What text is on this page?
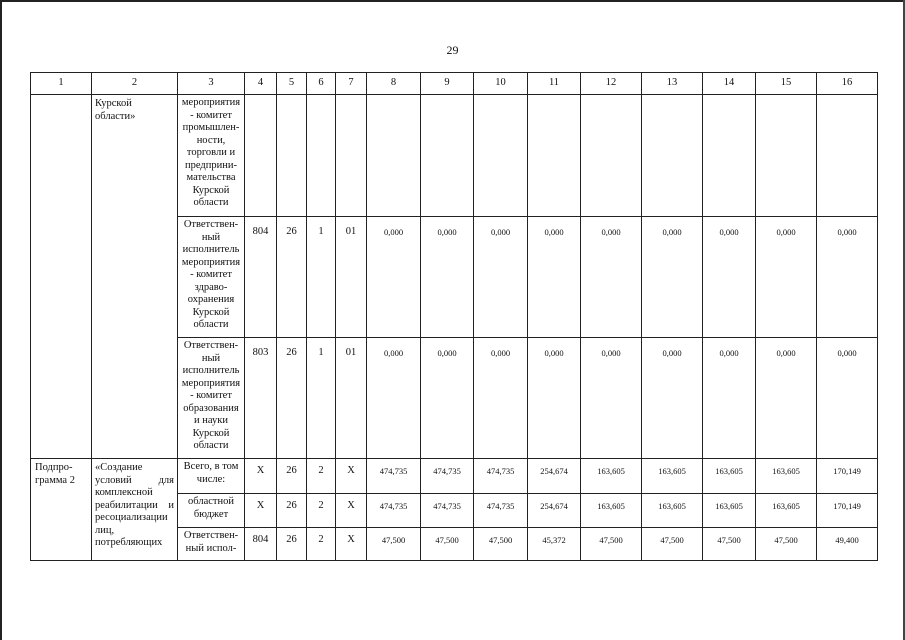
29
1	2	3	4	5	6	7	8	9	10	11	12	13	14	15	16
	Курской области»	мероприятия - комитет промышлен-ности, торговли и предприни-мательства Курской области													
		Ответствен-ный исполнитель мероприятия - комитет здраво-охранения Курской области	804	26	1	01	0,000	0,000	0,000	0,000	0,000	0,000	0,000	0,000	0,000
		Ответствен-ный исполнитель мероприятия - комитет образования и науки Курской области	803	26	1	01	0,000	0,000	0,000	0,000	0,000	0,000	0,000	0,000	0,000
Подпро-грамма 2	«Создание условий для комплексной реабилитации и ресоциализации лиц, потребляющих	Всего, в том числе:	X	26	2	X	474,735	474,735	474,735	254,674	163,605	163,605	163,605	163,605	170,149
		областной бюджет	X	26	2	X	474,735	474,735	474,735	254,674	163,605	163,605	163,605	163,605	170,149
		Ответствен-ный испол-	804	26	2	X	47,500	47,500	47,500	45,372	47,500	47,500	47,500	47,500	49,400
